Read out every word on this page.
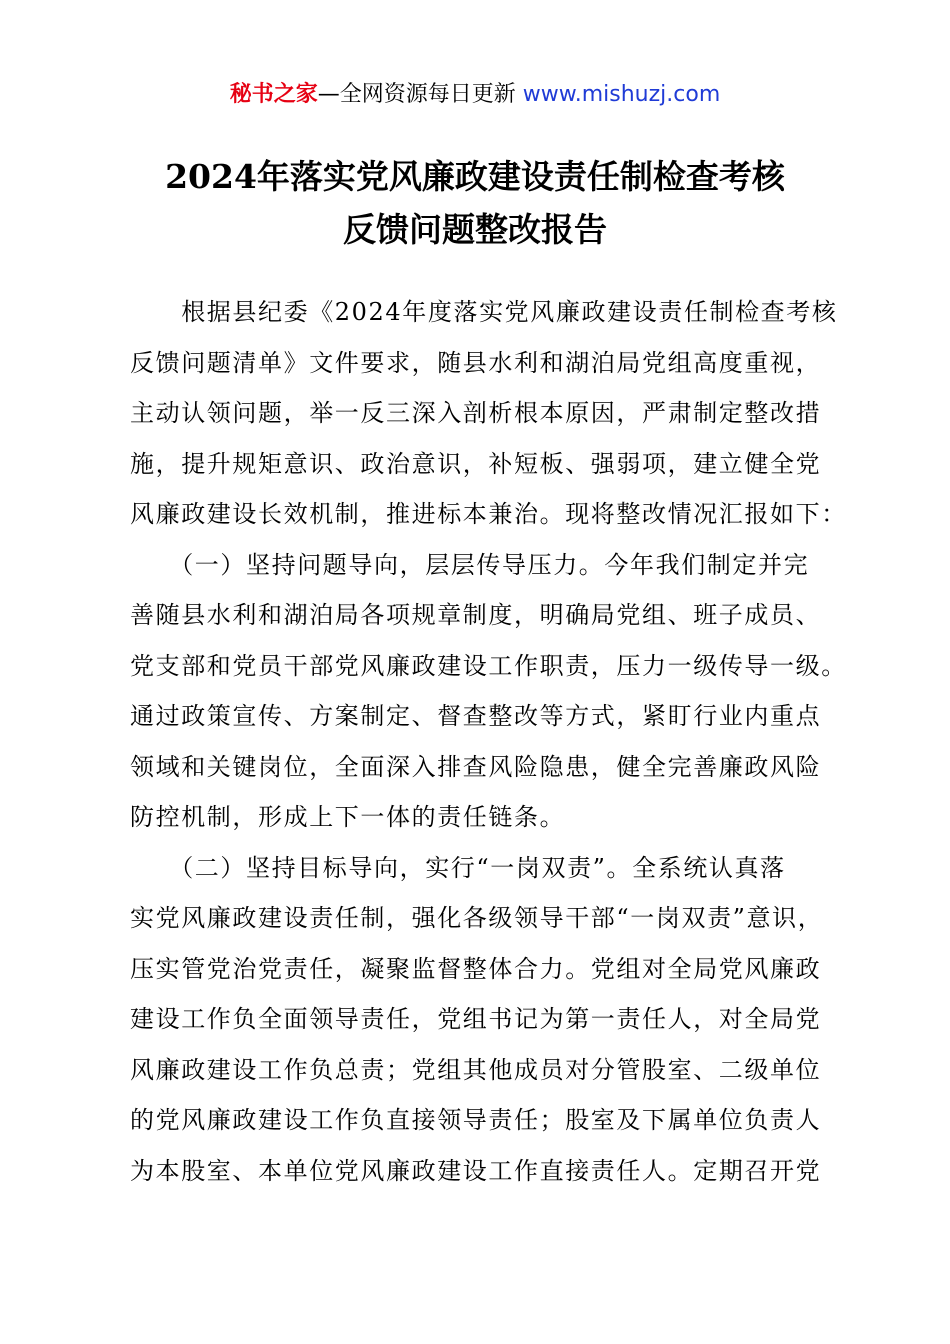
秘书之家—全网资源每日更新 www.mishuzj.com
2024年落实党风廉政建设责任制检查考核
反馈问题整改报告
　　根据县纪委《2024年度落实党风廉政建设责任制检查考核
反馈问题清单》文件要求，随县水利和湖泊局党组高度重视，
主动认领问题，举一反三深入剖析根本原因，严肃制定整改措
施，提升规矩意识、政治意识，补短板、强弱项，建立健全党
风廉政建设长效机制，推进标本兼治。现将整改情况汇报如下：
　　（一）坚持问题导向，层层传导压力。今年我们制定并完
善随县水利和湖泊局各项规章制度，明确局党组、班子成员、
党支部和党员干部党风廉政建设工作职责，压力一级传导一级。
通过政策宣传、方案制定、督查整改等方式，紧盯行业内重点
领域和关键岗位，全面深入排查风险隐患，健全完善廉政风险
防控机制，形成上下一体的责任链条。
　　（二）坚持目标导向，实行“一岗双责”。全系统认真落
实党风廉政建设责任制，强化各级领导干部“一岗双责”意识，
压实管党治党责任，凝聚监督整体合力。党组对全局党风廉政
建设工作负全面领导责任，党组书记为第一责任人，对全局党
风廉政建设工作负总责；党组其他成员对分管股室、二级单位
的党风廉政建设工作负直接领导责任；股室及下属单位负责人
为本股室、本单位党风廉政建设工作直接责任人。定期召开党
